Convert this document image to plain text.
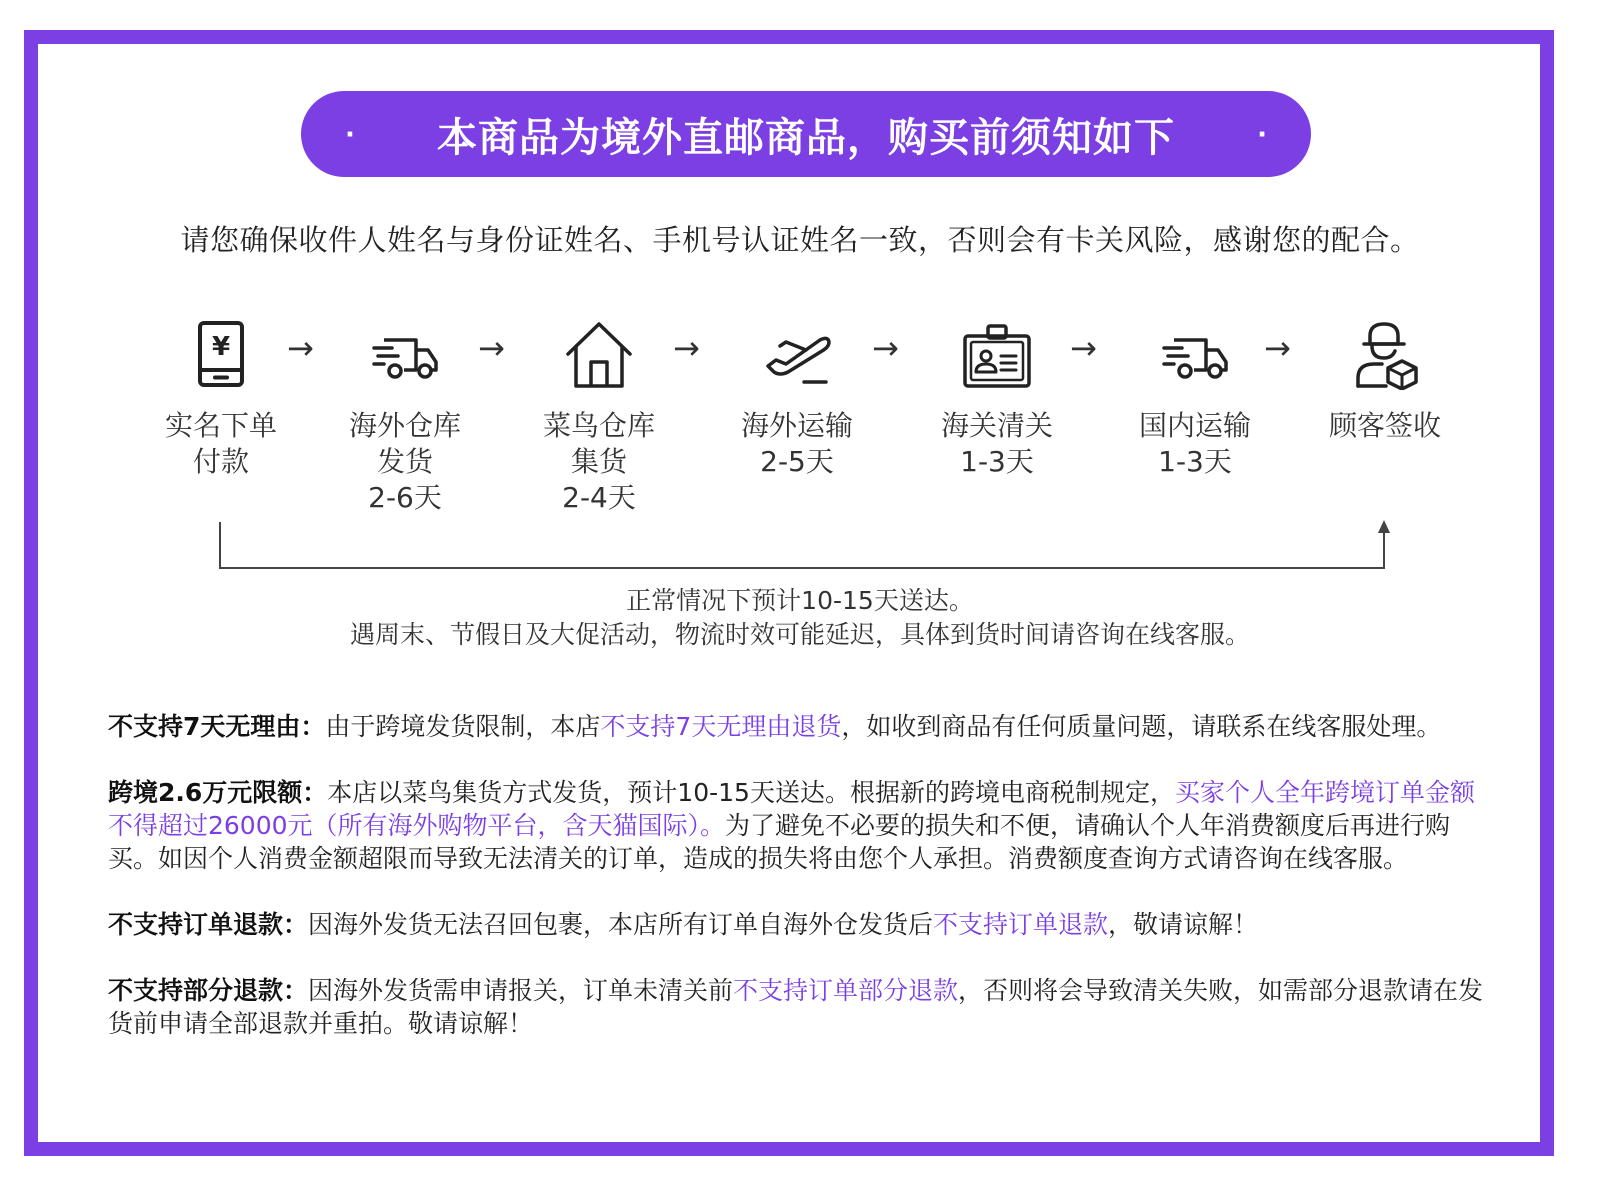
· 本商品为境外直邮商品，购买前须知如下	·
请您确保收件人姓名与身份证姓名、手机号认证姓名一致，否则会有卡关风险，感谢您的配合。
¥
实名下单
付款
海外仓库
发货
2-6天
菜鸟仓库
集货
2-4天
海外运输
2-5天
海关清关
1-3天
国内运输
1-3天
顾客签收
→	→	→	→	→	→
正常情况下预计10-15天送达。
遇周末、节假日及大促活动，物流时效可能延迟，具体到货时间请咨询在线客服。
不支持7天无理由：由于跨境发货限制，本店不支持7天无理由退货，如收到商品有任何质量问题，请联系在线客服处理。
跨境2.6万元限额：本店以菜鸟集货方式发货，预计10-15天送达。根据新的跨境电商税制规定，买家个人全年跨境订单金额不得超过26000元（所有海外购物平台，含天猫国际）。为了避免不必要的损失和不便，请确认个人年消费额度后再进行购买。如因个人消费金额超限而导致无法清关的订单，造成的损失将由您个人承担。消费额度查询方式请咨询在线客服。
不支持订单退款：因海外发货无法召回包裹，本店所有订单自海外仓发货后不支持订单退款，敬请谅解！
不支持部分退款：因海外发货需申请报关，订单未清关前不支持订单部分退款，否则将会导致清关失败，如需部分退款请在发货前申请全部退款并重拍。敬请谅解！
